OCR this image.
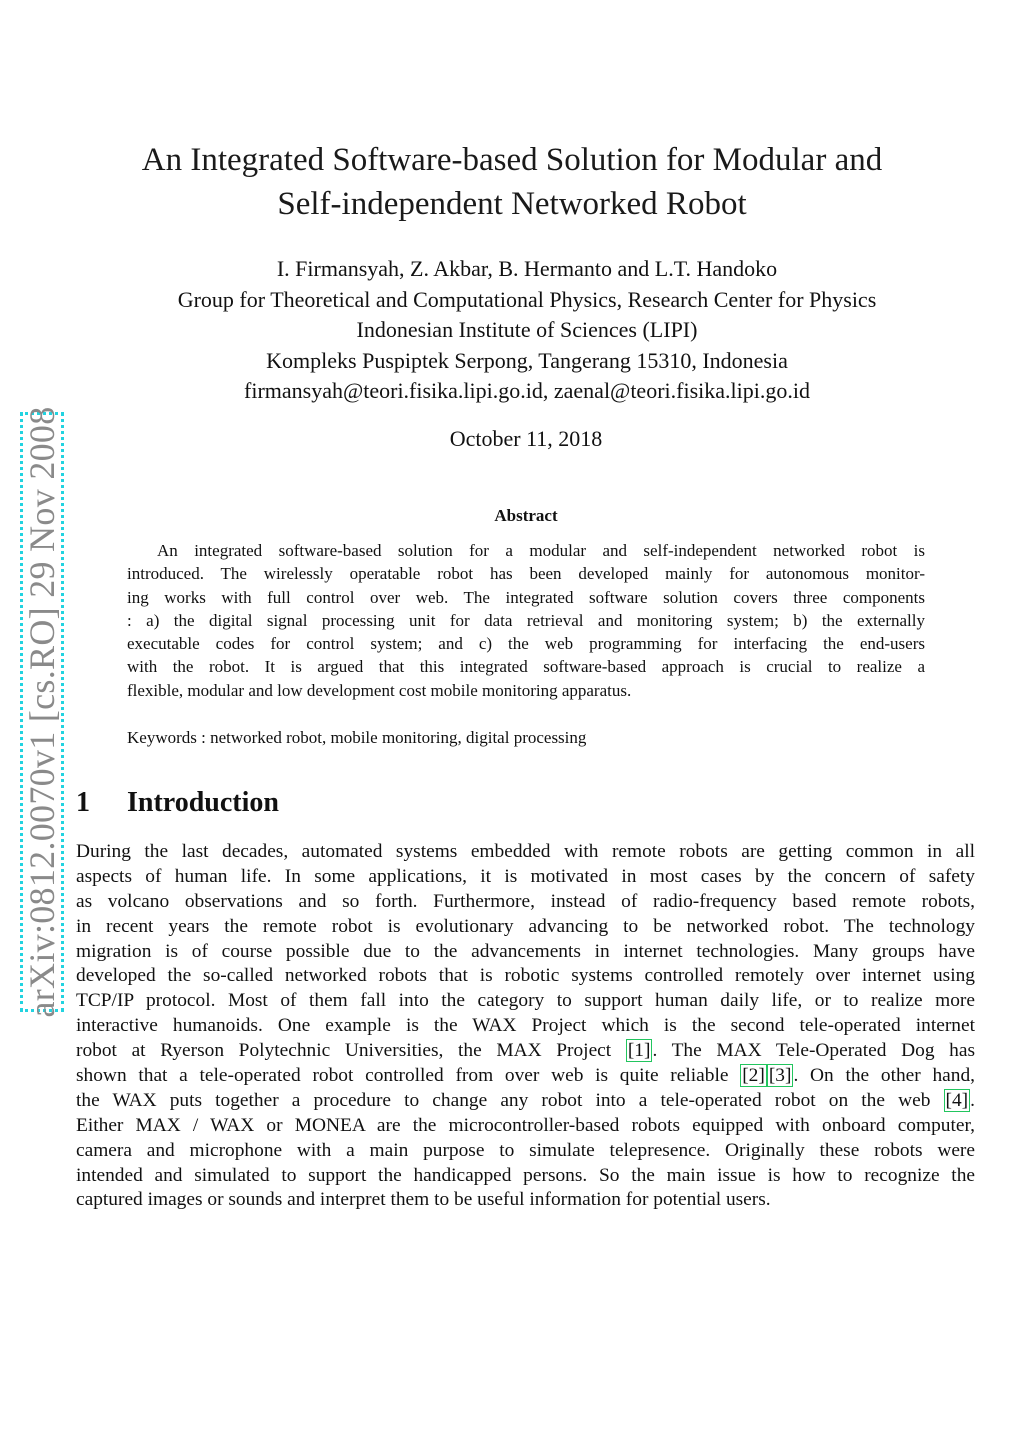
An Integrated Software-based Solution for Modular and
Self-independent Networked Robot
I. Firmansyah, Z. Akbar, B. Hermanto and L.T. Handoko
Group for Theoretical and Computational Physics, Research Center for Physics
Indonesian Institute of Sciences (LIPI)
Kompleks Puspiptek Serpong, Tangerang 15310, Indonesia
firmansyah@teori.fisika.lipi.go.id, zaenal@teori.fisika.lipi.go.id
October 11, 2018
arXiv:0812.0070v1 [cs.RO] 29 Nov 2008	Abstract
An integrated software-based solution for a modular and self-independent networked robot is
introduced. The wirelessly operatable robot has been developed mainly for autonomous monitor-
ing works with full control over web. The integrated software solution covers three components
: a) the digital signal processing unit for data retrieval and monitoring system; b) the externally
executable codes for control system; and c) the web programming for interfacing the end-users
with the robot. It is argued that this integrated software-based approach is crucial to realize a
flexible, modular and low development cost mobile monitoring apparatus.
Keywords : networked robot, mobile monitoring, digital processing
1 Introduction
During the last decades, automated systems embedded with remote robots are getting common in all
aspects of human life. In some applications, it is motivated in most cases by the concern of safety
as volcano observations and so forth. Furthermore, instead of radio-frequency based remote robots,
in recent years the remote robot is evolutionary advancing to be networked robot. The technology
migration is of course possible due to the advancements in internet technologies. Many groups have
developed the so-called networked robots that is robotic systems controlled remotely over internet using
TCP/IP protocol. Most of them fall into the category to support human daily life, or to realize more
interactive humanoids. One example is the WAX Project which is the second tele-operated internet
robot at Ryerson Polytechnic Universities, the MAX Project [1] . The MAX Tele-Operated Dog has
shown that a tele-operated robot controlled from over web is quite reliable [2] [3] . On the other hand,
the WAX puts together a procedure to change any robot into a tele-operated robot on the web [4] .
Either MAX / WAX or MONEA are the microcontroller-based robots equipped with onboard computer,
camera and microphone with a main purpose to simulate telepresence. Originally these robots were
intended and simulated to support the handicapped persons. So the main issue is how to recognize the
captured images or sounds and interpret them to be useful information for potential users.
